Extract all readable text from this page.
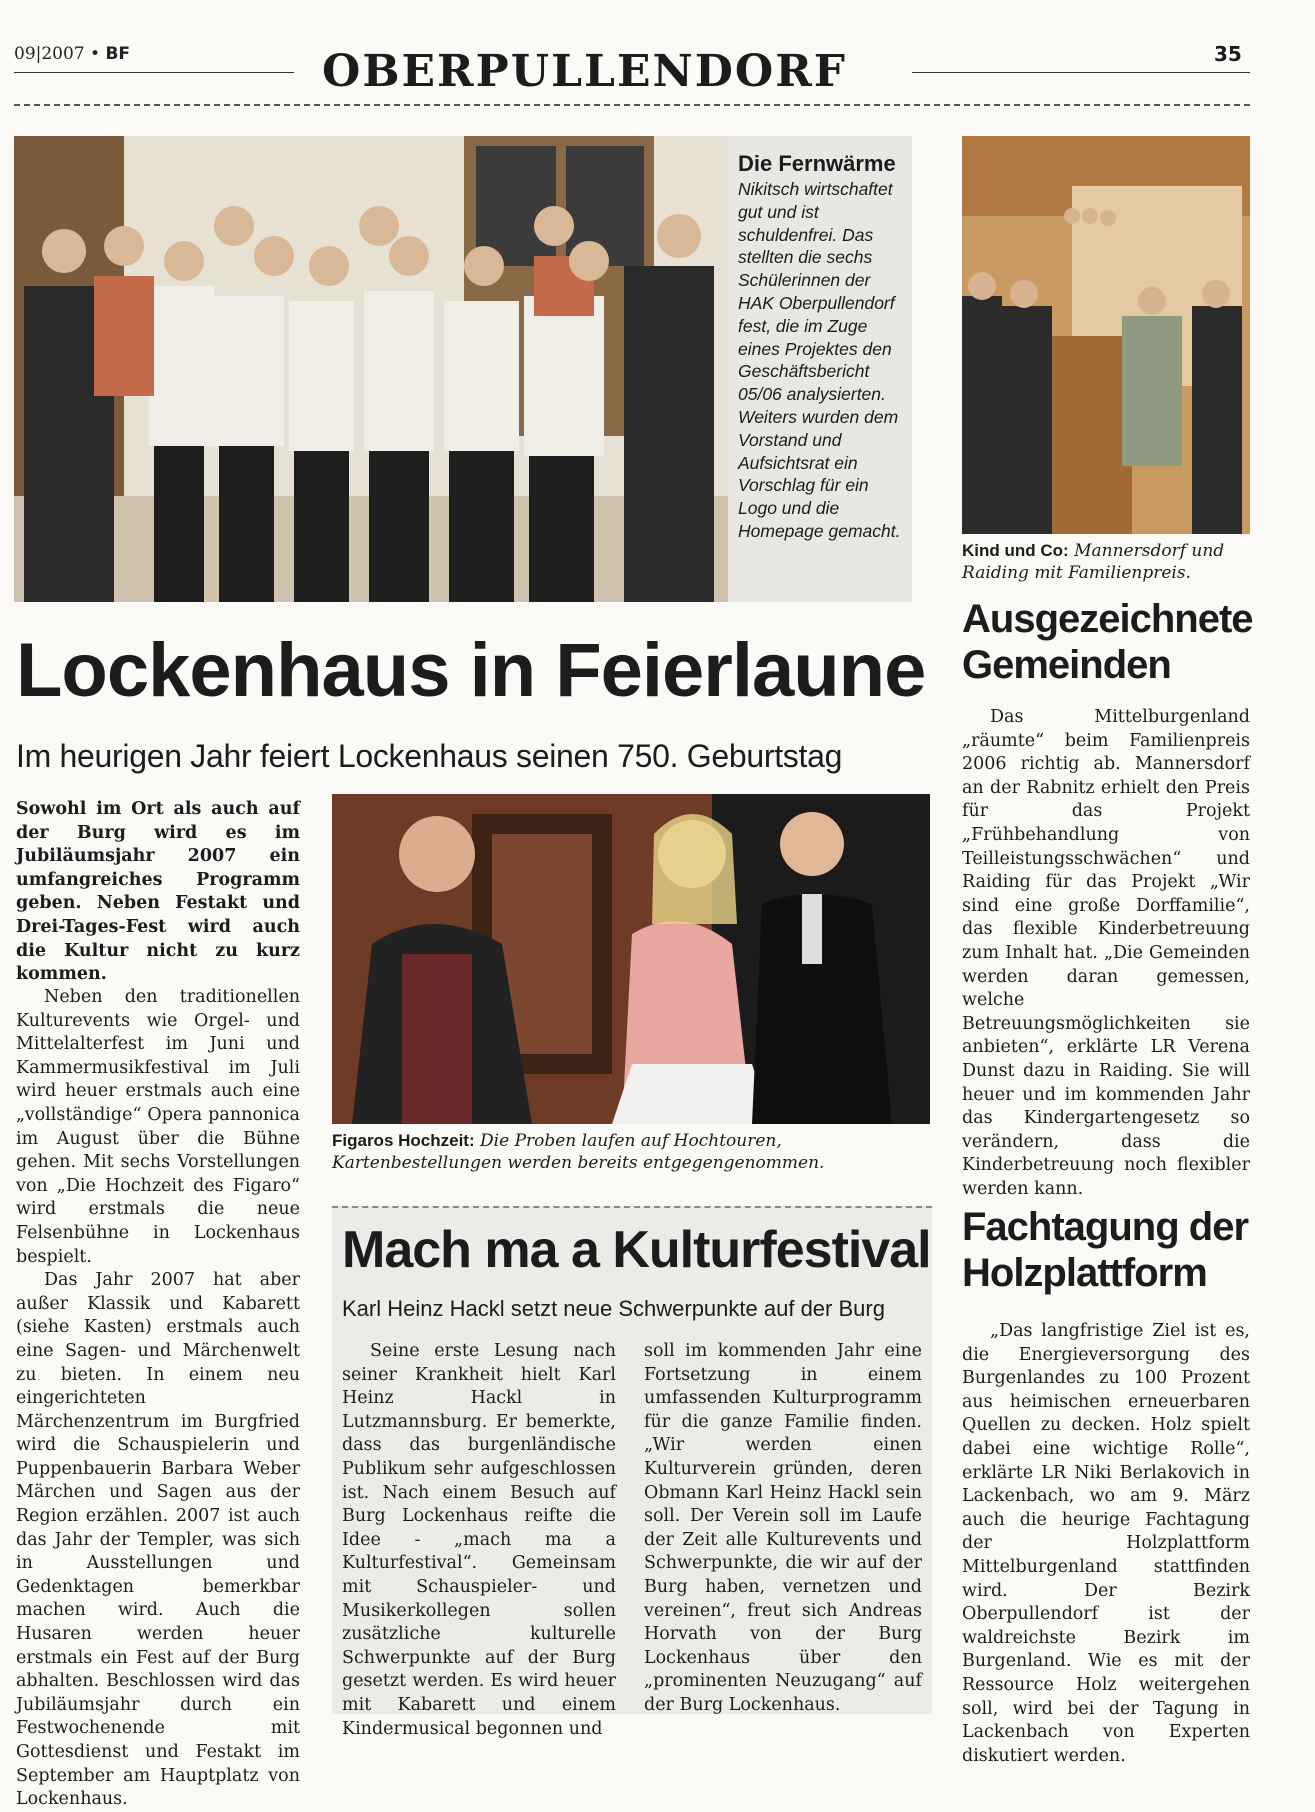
09|2007 • BF	OBERPULLENDORF	35
Die Fernwärme
Nikitsch wirtschaftet gut und ist schuldenfrei. Das stellten die sechs Schülerinnen der HAK Oberpullendorf fest, die im Zuge eines Projektes den Geschäftsbericht 05/06 analysierten. Weiters wurden dem Vorstand und Aufsichtsrat ein Vorschlag für ein Logo und die Homepage gemacht.
Kind und Co: Mannersdorf und Raiding mit Familienpreis.
Lockenhaus in Feierlaune
Im heurigen Jahr feiert Lockenhaus seinen 750. Geburtstag
Sowohl im Ort als auch auf der Burg wird es im Jubiläumsjahr 2007 ein umfangreiches Programm geben. Neben Festakt und Drei-Tages-Fest wird auch die Kultur nicht zu kurz kommen.

Neben den traditionellen Kulturevents wie Orgel- und Mittelalterfest im Juni und Kammermusikfestival im Juli wird heuer erstmals auch eine „vollständige“ Opera pannonica im August über die Bühne gehen. Mit sechs Vorstellungen von „Die Hochzeit des Figaro“ wird erstmals die neue Felsenbühne in Lockenhaus bespielt.

Das Jahr 2007 hat aber außer Klassik und Kabarett (siehe Kasten) erstmals auch eine Sagen- und Märchenwelt zu bieten. In einem neu eingerichteten Märchenzentrum im Burgfried wird die Schauspielerin und Puppenbauerin Barbara Weber Märchen und Sagen aus der Region erzählen. 2007 ist auch das Jahr der Templer, was sich in Ausstellungen und Gedenktagen bemerkbar machen wird. Auch die Husaren werden heuer erstmals ein Fest auf der Burg abhalten. Beschlossen wird das Jubiläumsjahr durch ein Festwochenende mit Gottesdienst und Festakt im September am Hauptplatz von Lockenhaus.

Figaros Hochzeit: Die Proben laufen auf Hochtouren, Kartenbestellungen werden bereits entgegengenommen.
Mach ma a Kulturfestival
Karl Heinz Hackl setzt neue Schwerpunkte auf der Burg

Seine erste Lesung nach seiner Krankheit hielt Karl Heinz Hackl in Lutzmannsburg. Er bemerkte, dass das burgenländische Publikum sehr aufgeschlossen ist. Nach einem Besuch auf Burg Lockenhaus reifte die Idee - „mach ma a Kulturfestival“. Gemeinsam mit Schauspieler- und Musikerkollegen sollen zusätzliche kulturelle Schwerpunkte auf der Burg gesetzt werden. Es wird heuer mit Kabarett und einem Kindermusical begonnen und

soll im kommenden Jahr eine Fortsetzung in einem umfassenden Kulturprogramm für die ganze Familie finden. „Wir werden einen Kulturverein gründen, deren Obmann Karl Heinz Hackl sein soll. Der Verein soll im Laufe der Zeit alle Kulturevents und Schwerpunkte, die wir auf der Burg haben, vernetzen und vereinen“, freut sich Andreas Horvath von der Burg Lockenhaus über den „prominenten Neuzugang“ auf der Burg Lockenhaus.

Ausgezeichnete Gemeinden

Das Mittelburgenland „räumte“ beim Familienpreis 2006 richtig ab. Mannersdorf an der Rabnitz erhielt den Preis für das Projekt „Frühbehandlung von Teilleistungsschwächen“ und Raiding für das Projekt „Wir sind eine große Dorffamilie“, das flexible Kinderbetreuung zum Inhalt hat. „Die Gemeinden werden daran gemessen, welche Betreuungsmöglichkeiten sie anbieten“, erklärte LR Verena Dunst dazu in Raiding. Sie will heuer und im kommenden Jahr das Kindergartengesetz so verändern, dass die Kinderbetreuung noch flexibler werden kann.

Fachtagung der Holzplattform

„Das langfristige Ziel ist es, die Energieversorgung des Burgenlandes zu 100 Prozent aus heimischen erneuerbaren Quellen zu decken. Holz spielt dabei eine wichtige Rolle“, erklärte LR Niki Berlakovich in Lackenbach, wo am 9. März auch die heurige Fachtagung der Holzplattform Mittelburgenland stattfinden wird. Der Bezirk Oberpullendorf ist der waldreichste Bezirk im Burgenland. Wie es mit der Ressource Holz weitergehen soll, wird bei der Tagung in Lackenbach von Experten diskutiert werden.
